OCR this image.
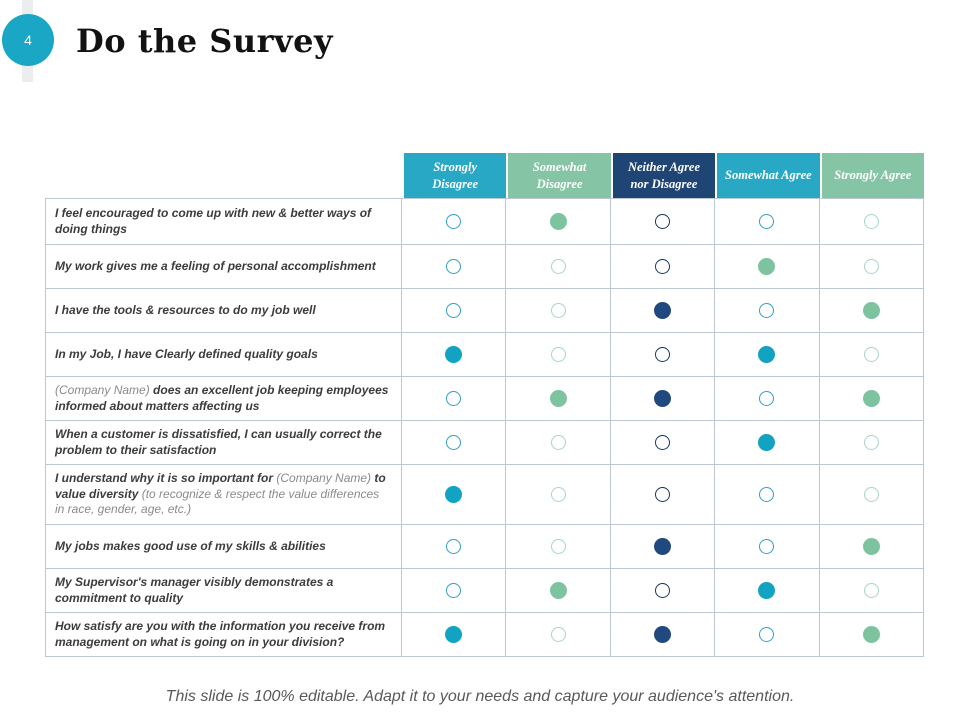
4 Do the Survey
Strongly Disagree
Somewhat Disagree
Neither Agree nor Disagree
Somewhat Agree	Strongly Agree
I feel encouraged to come up with new & better ways of doing things
My work gives me a feeling of personal accomplishment
I have the tools & resources to do my job well
In my Job, I have Clearly defined quality goals
(Company Name) does an excellent job keeping employees informed about matters affecting us
When a customer is dissatisfied, I can usually correct the problem to their satisfaction
I understand why it is so important for (Company Name) to value diversity (to recognize & respect the value differences in race, gender, age, etc.)
My jobs makes good use of my skills & abilities
My Supervisor's manager visibly demonstrates a commitment to quality
How satisfy are you with the information you receive from management on what is going on in your division?
This slide is 100% editable. Adapt it to your needs and capture your audience's attention.
